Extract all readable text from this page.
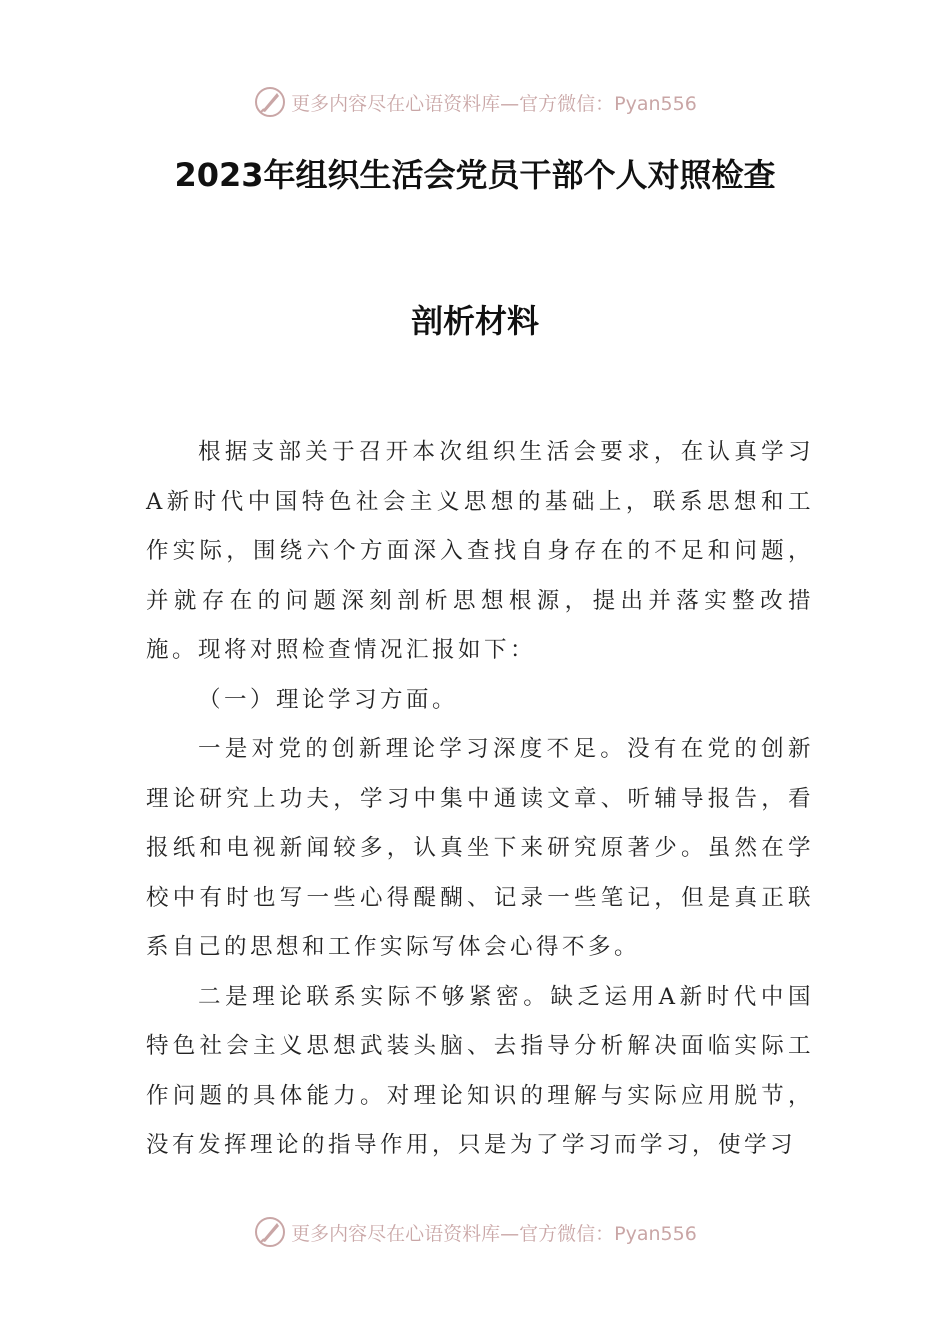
更多内容尽在心语资料库 —官方微信：Pyan556
2023年组织生活会党员干部个人对照检查
剖析材料

根据支部关于召开本次组织生活会要求，在认真学习A新时代中国特色社会主义思想的基础上，联系思想和工作实际，围绕六个方面深入查找自身存在的不足和问题，并就存在的问题深刻剖析思想根源，提出并落实整改措施。现将对照检查情况汇报如下：

（一）理论学习方面。

一是对党的创新理论学习深度不足。没有在党的创新理论研究上功夫，学习中集中通读文章、听辅导报告，看报纸和电视新闻较多，认真坐下来研究原著少。虽然在学校中有时也写一些心得醍醐、记录一些笔记，但是真正联系自己的思想和工作实际写体会心得不多。

二是理论联系实际不够紧密。缺乏运用A新时代中国特色社会主义思想武装头脑、去指导分析解决面临实际工作问题的具体能力。对理论知识的理解与实际应用脱节，没有发挥理论的指导作用，只是为了学习而学习，使学习

更多内容尽在心语资料库 —官方微信：Pyan556
